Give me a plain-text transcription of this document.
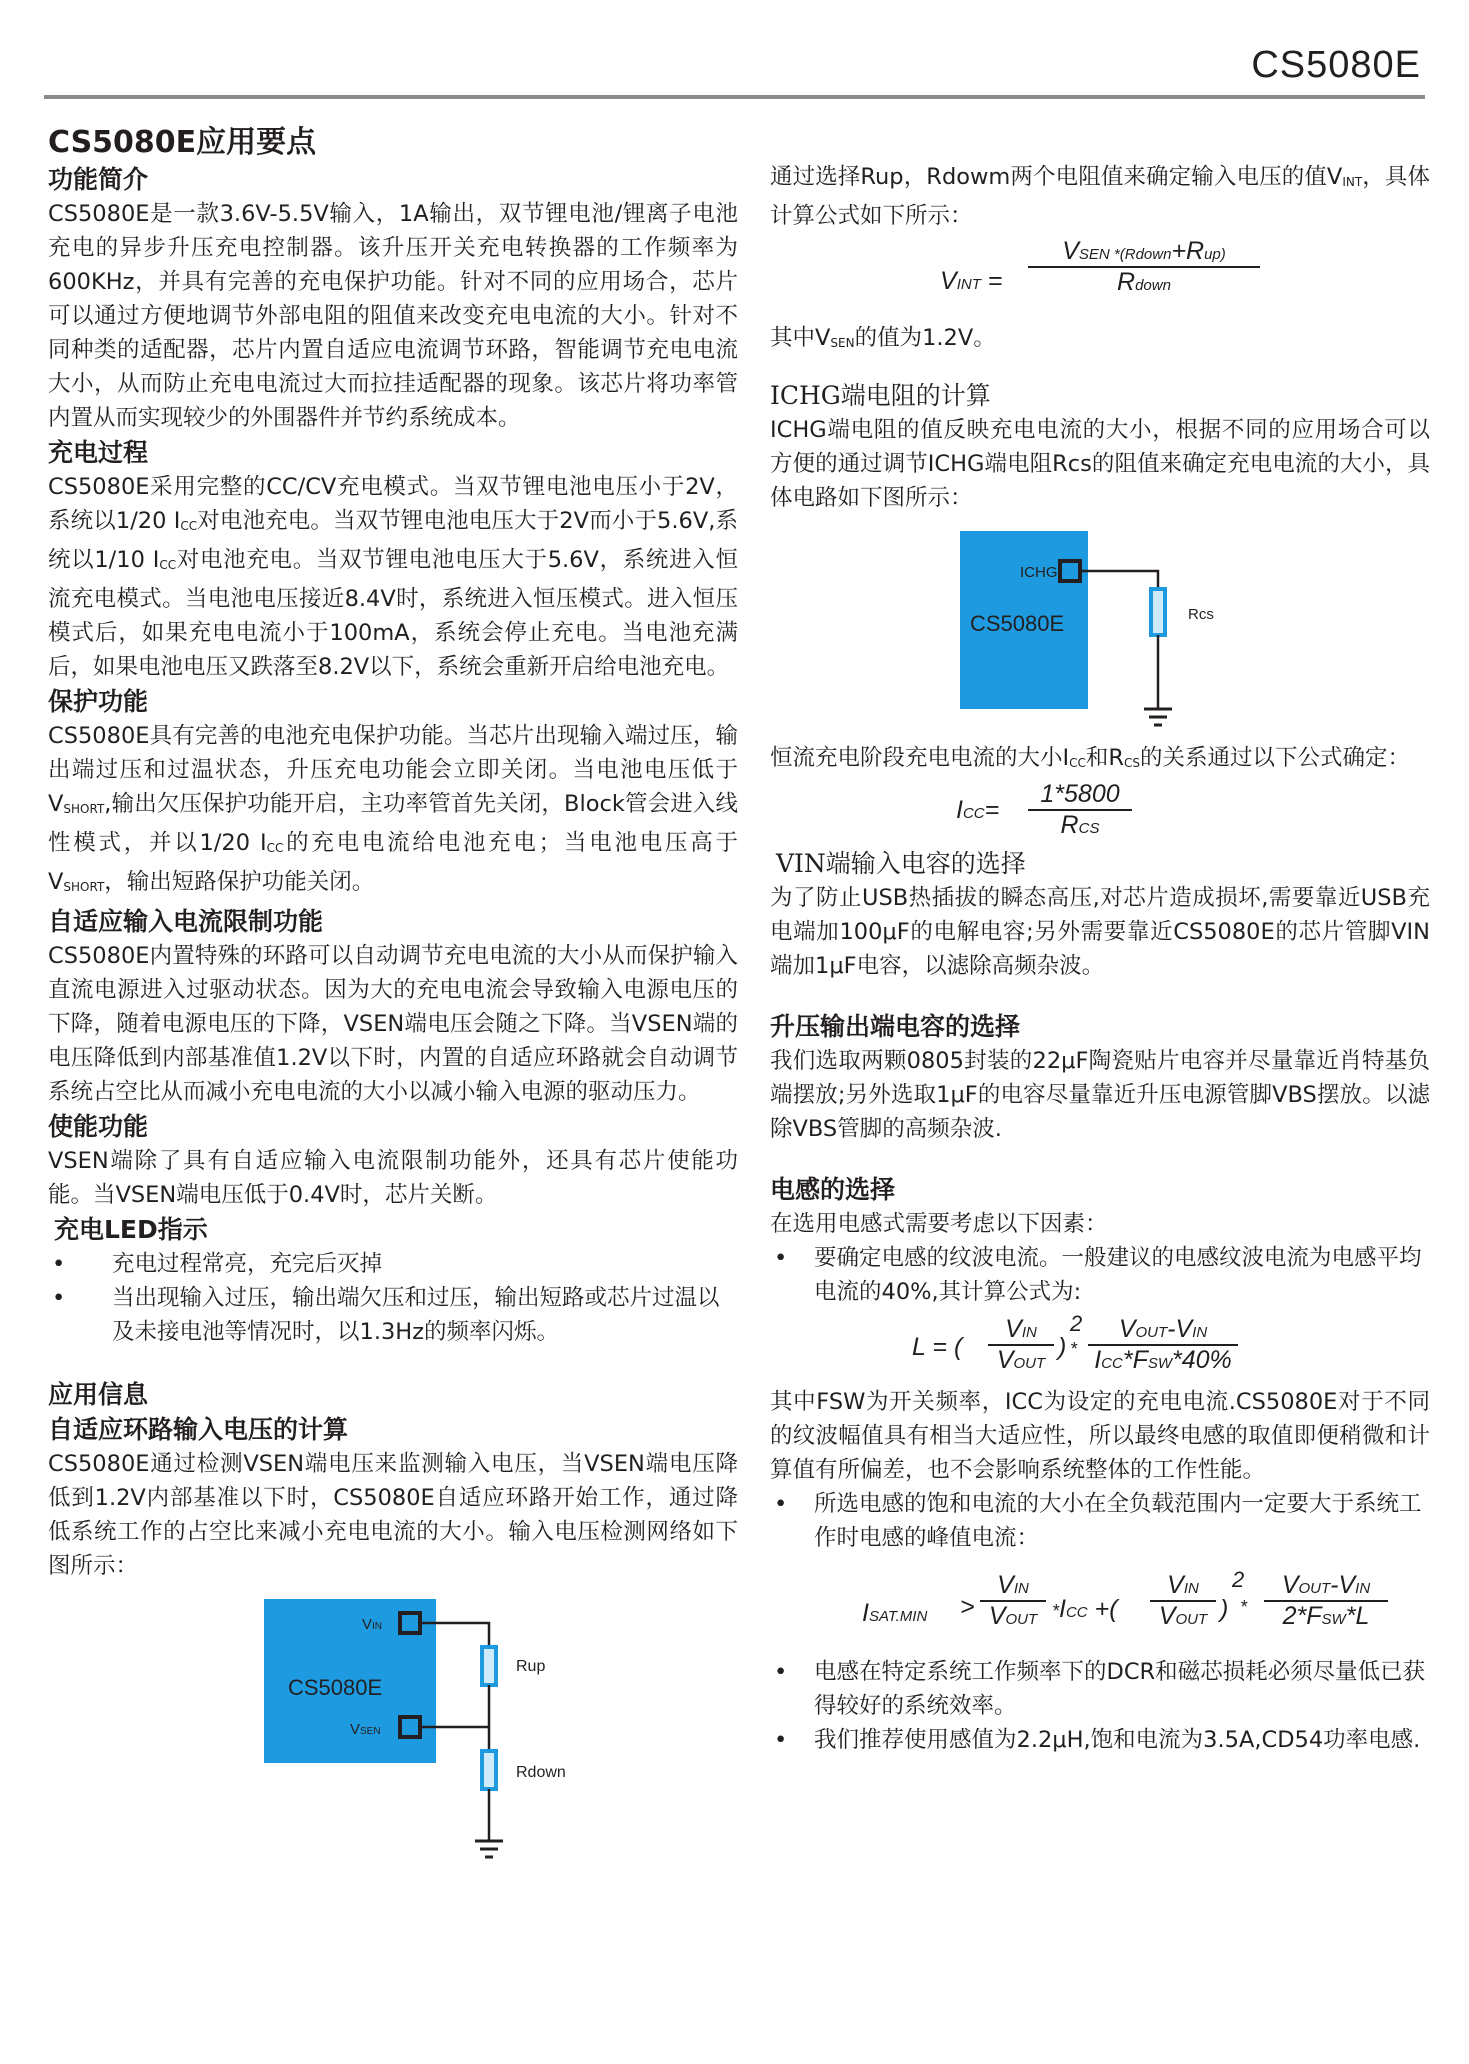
CS5080E
CS5080E应用要点
功能简介

CS5080E是一款3.6V-5.5V输入，1A输出，双节锂电池/锂离子电池充电的异步升压充电控制器。该升压开关充电转换器的工作频率为600KHz，并具有完善的充电保护功能。针对不同的应用场合，芯片可以通过方便地调节外部电阻的阻值来改变充电电流的大小。针对不同种类的适配器，芯片内置自适应电流调节环路，智能调节充电电流大小，从而防止充电电流过大而拉挂适配器的现象。该芯片将功率管内置从而实现较少的外围器件并节约系统成本。

充电过程

CS5080E采用完整的CC/CV充电模式。当双节锂电池电压小于2V，系统以1/20 ICC对电池充电。当双节锂电池电压大于2V而小于5.6V,系统以1/10 ICC对电池充电。当双节锂电池电压大于5.6V，系统进入恒流充电模式。当电池电压接近8.4V时，系统进入恒压模式。进入恒压模式后，如果充电电流小于100mA，系统会停止充电。当电池充满后，如果电池电压又跌落至8.2V以下，系统会重新开启给电池充电。

保护功能

CS5080E具有完善的电池充电保护功能。当芯片出现输入端过压，输出端过压和过温状态，升压充电功能会立即关闭。当电池电压低于VSHORT,输出欠压保护功能开启，主功率管首先关闭，Block管会进入线性模式，并以1/20 ICC的充电电流给电池充电；当电池电压高于VSHORT，输出短路保护功能关闭。

自适应输入电流限制功能

CS5080E内置特殊的环路可以自动调节充电电流的大小从而保护输入直流电源进入过驱动状态。因为大的充电电流会导致输入电源电压的下降，随着电源电压的下降，VSEN端电压会随之下降。当VSEN端的电压降低到内部基准值1.2V以下时，内置的自适应环路就会自动调节系统占空比从而减小充电电流的大小以减小输入电源的驱动压力。

使能功能

VSEN端除了具有自适应输入电流限制功能外，还具有芯片使能功能。当VSEN端电压低于0.4V时，芯片关断。

充电LED指示
•	充电过程常亮，充完后灭掉
•	当出现输入过压，输出端欠压和过压，输出短路或芯片过温以及未接电池等情况时，以1.3Hz的频率闪烁。
应用信息
自适应环路输入电压的计算

CS5080E通过检测VSEN端电压来监测输入电压，当VSEN端电压降低到1.2V内部基准以下时，CS5080E自适应环路开始工作，通过降低系统工作的占空比来减小充电电流的大小。输入电压检测网络如下图所示：

CS5080E
VIN
VSEN
Rup
Rdown

通过选择Rup，Rdowm两个电阻值来确定输入电压的值VINT，具体计算公式如下所示：

VINT =
VSEN *(Rdown+Rup)
Rdown

其中VSEN的值为1.2V。

ICHG端电阻的计算

ICHG端电阻的值反映充电电流的大小，根据不同的应用场合可以方便的通过调节ICHG端电阻Rcs的阻值来确定充电电流的大小，具体电路如下图所示：

CS5080E
ICHG
Rcs

恒流充电阶段充电电流的大小ICC和RCS的关系通过以下公式确定：

ICC=
1*5800
RCS
VIN端输入电容的选择

为了防止USB热插拔的瞬态高压,对芯片造成损坏,需要靠近USB充电端加100μF的电解电容;另外需要靠近CS5080E的芯片管脚VIN端加1μF电容，以滤除高频杂波。

升压输出端电容的选择

我们选取两颗0805封装的22μF陶瓷贴片电容并尽量靠近肖特基负端摆放;另外选取1μF的电容尽量靠近升压电源管脚VBS摆放。以滤除VBS管脚的高频杂波.

电感的选择

在选用电感式需要考虑以下因素：

•	要确定电感的纹波电流。一般建议的电感纹波电流为电感平均电流的40%,其计算公式为:
L = (
VIN
VOUT
)
2
*
VOUT-VIN
ICC*FSW*40%

其中FSW为开关频率，ICC为设定的充电电流.CS5080E对于不同的纹波幅值具有相当大适应性，所以最终电感的取值即便稍微和计算值有所偏差，也不会影响系统整体的工作性能。

•	所选电感的饱和电流的大小在全负载范围内一定要大于系统工作时电感的峰值电流：
ISAT.MIN >
VIN
VOUT *ICC +(
VIN
VOUT )
2
*
VOUT-VIN
2*FSW*L
•	电感在特定系统工作频率下的DCR和磁芯损耗必须尽量低已获得较好的系统效率。
•	我们推荐使用感值为2.2μH,饱和电流为3.5A,CD54功率电感.
